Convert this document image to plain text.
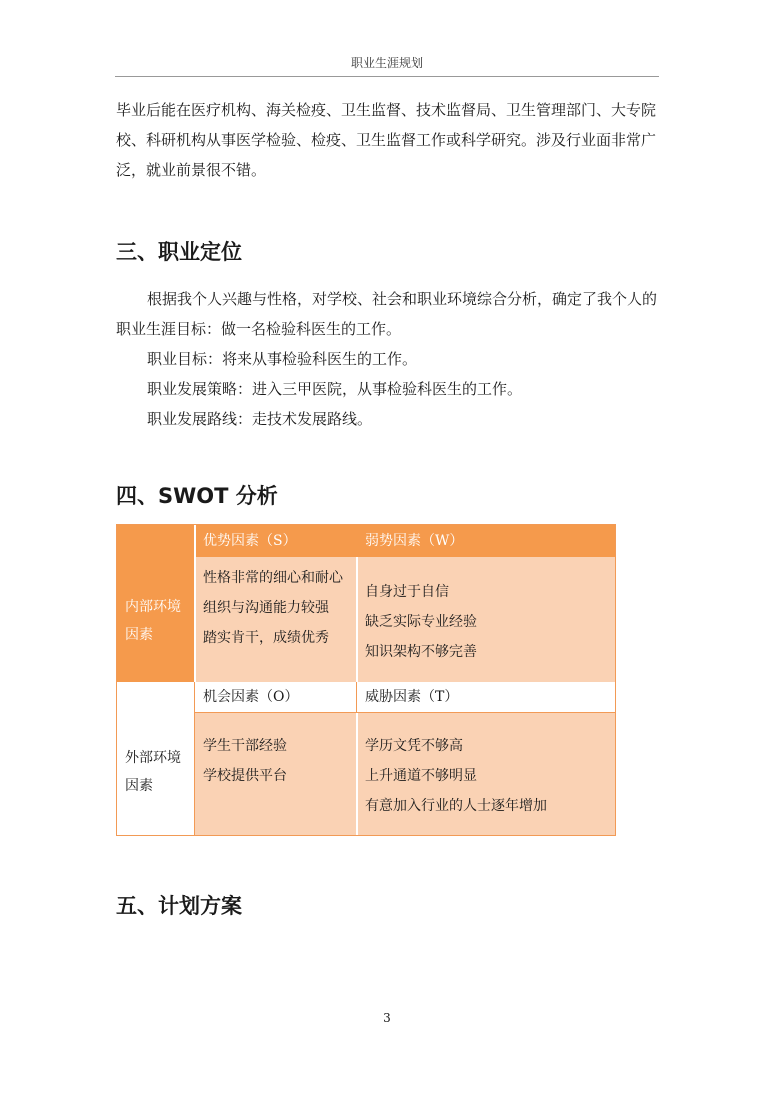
职业生涯规划

毕业后能在医疗机构、海关检疫、卫生监督、技术监督局、卫生管理部门、大专院校、科研机构从事医学检验、检疫、卫生监督工作或科学研究。涉及行业面非常广泛，就业前景很不错。

三、职业定位
根据我个人兴趣与性格，对学校、社会和职业环境综合分析，确定了我个人的职业生涯目标：做一名检验科医生的工作。
职业目标：将来从事检验科医生的工作。
职业发展策略：进入三甲医院，从事检验科医生的工作。
职业发展路线：走技术发展路线。
四、SWOT 分析
内部环境因素
优势因素（S）	弱势因素（W）
性格非常的细心和耐心
组织与沟通能力较强
踏实肯干，成绩优秀
自身过于自信
缺乏实际专业经验
知识架构不够完善
外部环境因素
机会因素（O）	威胁因素（T）
学生干部经验
学校提供平台
学历文凭不够高
上升通道不够明显
有意加入行业的人士逐年增加
五、计划方案
3
